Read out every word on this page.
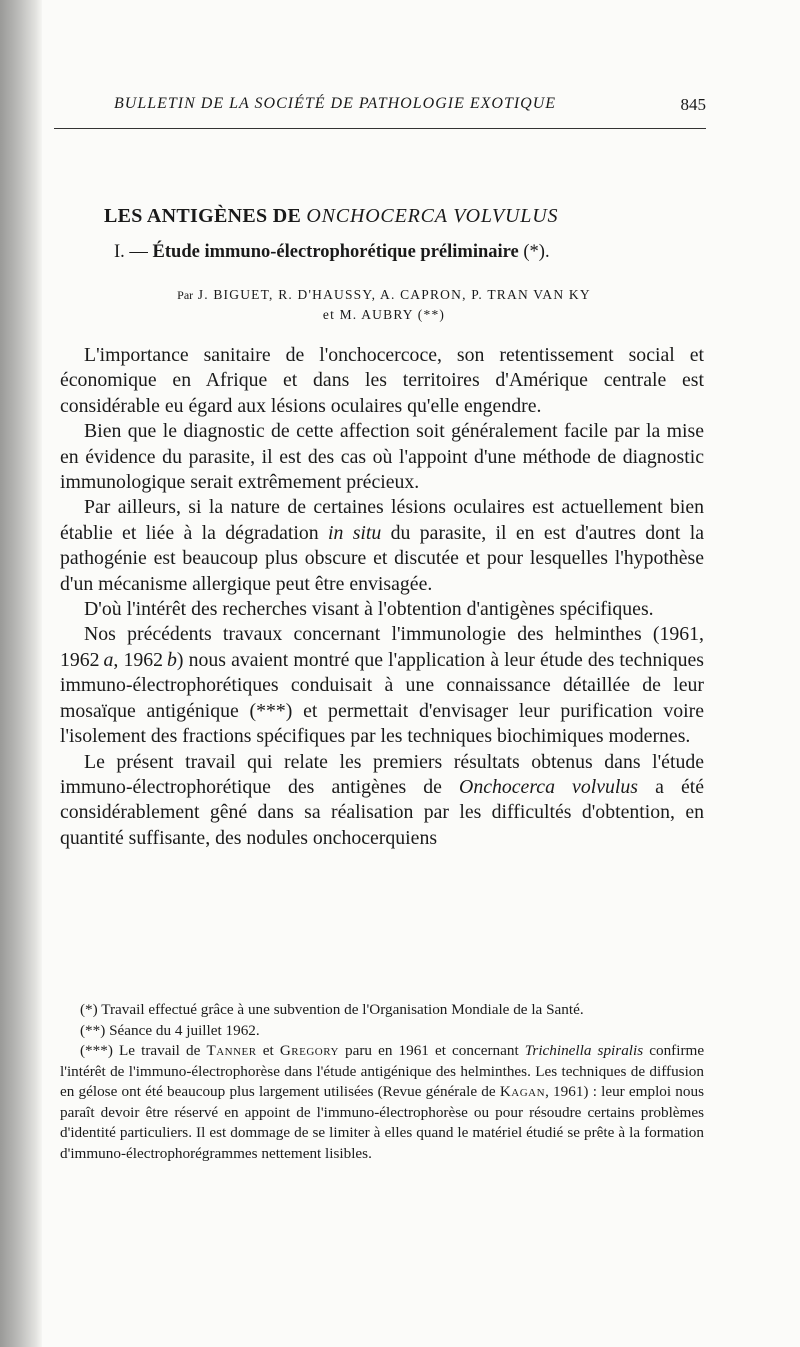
BULLETIN DE LA SOCIÉTÉ DE PATHOLOGIE EXOTIQUE	845
LES ANTIGÈNES DE ONCHOCERCA VOLVULUS
I. — Étude immuno-électrophorétique préliminaire (*).
Par J. BIGUET, R. D'HAUSSY, A. CAPRON, P. TRAN VAN KY
et M. AUBRY (**)

L'importance sanitaire de l'onchocercoce, son retentissement social et économique en Afrique et dans les territoires d'Amérique centrale est considérable eu égard aux lésions oculaires qu'elle engendre.

Bien que le diagnostic de cette affection soit généralement facile par la mise en évidence du parasite, il est des cas où l'appoint d'une méthode de diagnostic immunologique serait extrêmement précieux.

Par ailleurs, si la nature de certaines lésions oculaires est actuellement bien établie et liée à la dégradation in situ du parasite, il en est d'autres dont la pathogénie est beaucoup plus obscure et discutée et pour lesquelles l'hypothèse d'un mécanisme allergique peut être envisagée.

D'où l'intérêt des recherches visant à l'obtention d'antigènes spécifiques.

Nos précédents travaux concernant l'immunologie des helminthes (1961, 1962  a, 1962  b) nous avaient montré que l'application à leur étude des techniques immuno-électrophorétiques conduisait à une connaissance détaillée de leur mosaïque antigénique (***) et permettait d'envisager leur purification voire l'isolement des fractions spécifiques par les techniques biochimiques modernes.

Le présent travail qui relate les premiers résultats obtenus dans l'étude immuno-électrophorétique des antigènes de Onchocerca volvulus a été considérablement gêné dans sa réalisation par les difficultés d'obtention, en quantité suffisante, des nodules onchocerquiens

(*) Travail effectué grâce à une subvention de l'Organisation Mondiale de la Santé.

(**) Séance du 4 juillet 1962.

(***) Le travail de Tanner et Gregory paru en 1961 et concernant Trichinella spiralis confirme l'intérêt de l'immuno-électrophorèse dans l'étude antigénique des helminthes. Les techniques de diffusion en gélose ont été beaucoup plus largement utilisées (Revue générale de Kagan, 1961) : leur emploi nous paraît devoir être réservé en appoint de l'immuno-électrophorèse ou pour résoudre certains problèmes d'identité particuliers. Il est dommage de se limiter à elles quand le matériel étudié se prête à la formation d'immuno-électrophorégrammes nettement lisibles.
